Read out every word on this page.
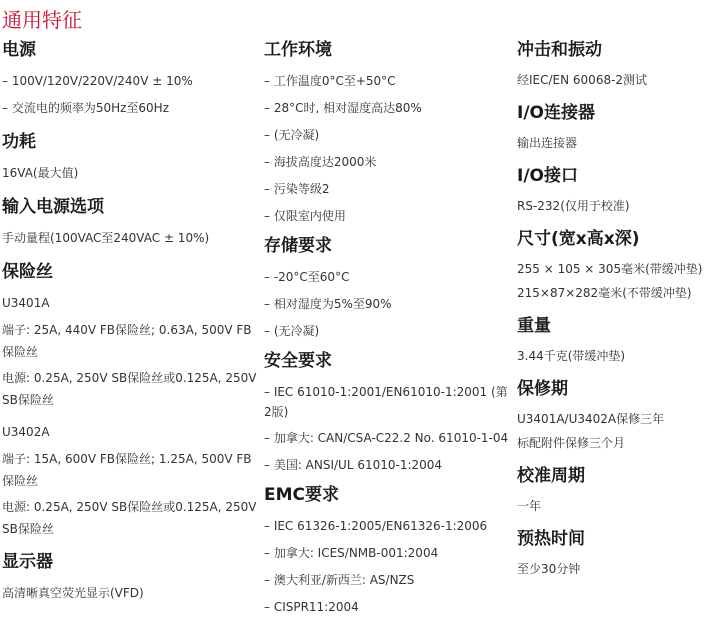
通用特征
电源
– 100V/120V/220V/240V ± 10%
– 交流电的频率为50Hz至60Hz
功耗
16VA(最大值)
输入电源选项
手动量程(100VAC至240VAC ± 10%)
保险丝
U3401A
端子: 25A, 440V FB保险丝; 0.63A, 500V FB保险丝
电源: 0.25A, 250V SB保险丝或0.125A, 250V SB保险丝
U3402A
端子: 15A, 600V FB保险丝; 1.25A, 500V FB保险丝
电源: 0.25A, 250V SB保险丝或0.125A, 250V SB保险丝
显示器
高清晰真空荧光显示(VFD)
工作环境
– 工作温度0°C至+50°C
– 28°C时, 相对湿度高达80%
– (无冷凝)
– 海拔高度达2000米
– 污染等级2
– 仅限室内使用
存储要求
– -20°C至60°C
– 相对湿度为5%至90%
– (无冷凝)
安全要求
– IEC 61010-1:2001/EN61010-1:2001 (第2版)
– 加拿大: CAN/CSA-C22.2 No. 61010-1-04
– 美国: ANSI/UL 61010-1:2004
EMC要求
– IEC 61326-1:2005/EN61326-1:2006
– 加拿大: ICES/NMB-001:2004
– 澳大利亚/新西兰: AS/NZS
– CISPR11:2004
冲击和振动
经IEC/EN 60068-2测试
I/O连接器
输出连接器
I/O接口
RS-232(仅用于校准)
尺寸(宽x高x深)
255 × 105 × 305毫米(带缓冲垫)
215×87×282毫米(不带缓冲垫)
重量
3.44千克(带缓冲垫)
保修期
U3401A/U3402A保修三年
标配附件保修三个月
校准周期
一年
预热时间
至少30分钟
